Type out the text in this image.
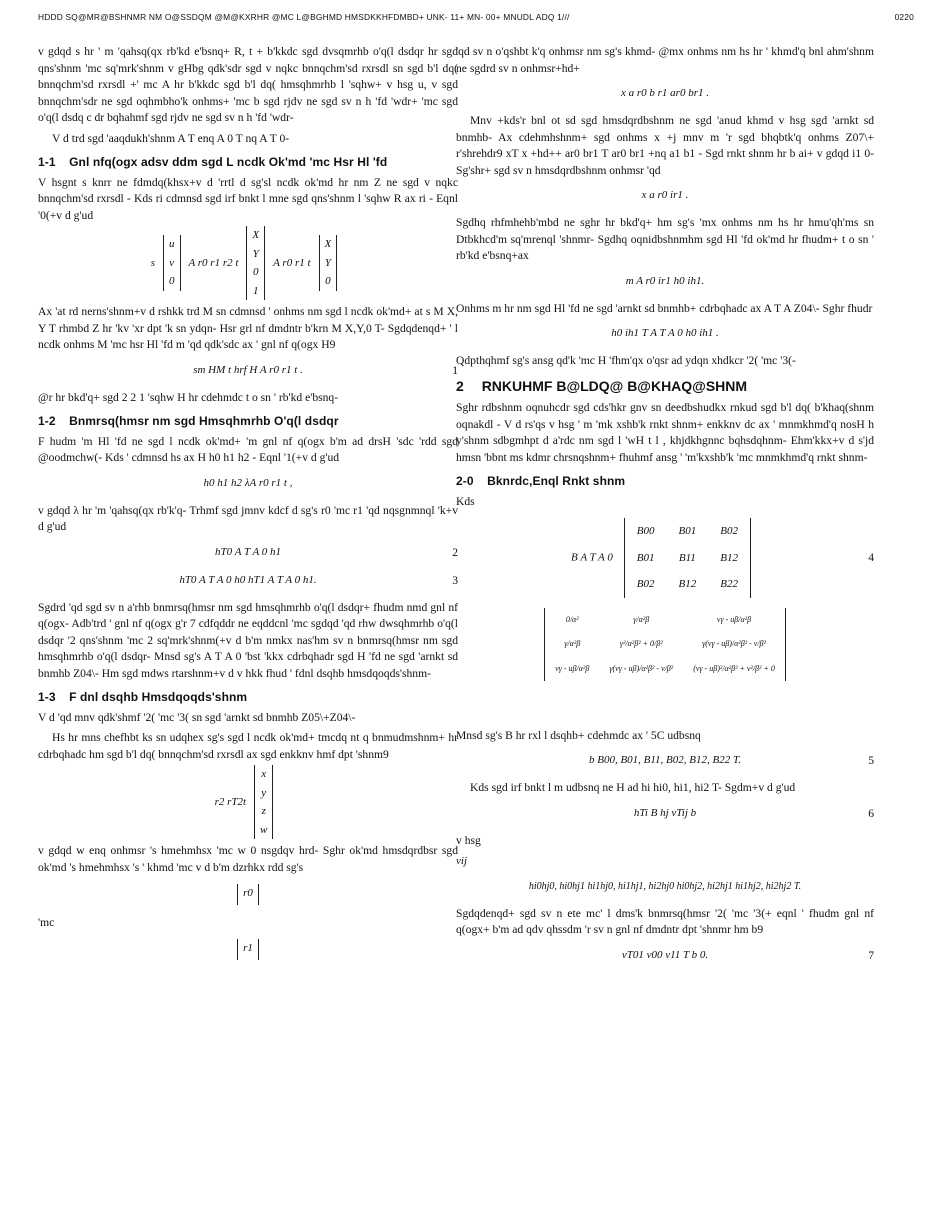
HDDD SQ@MR@BSHNMR NM O@SSDQM @M@KXRHR @MC L@BGHMD HMSDKKHFDMBD+ UNK- 11+ MN- 00+ MNUDL ADQ 1///	0220

v gdqd s hr ' m 'qahsq(qx rb'kd e'bsnq+ R, t + b'kkdc sgd dvsqmrhb o'q(l dsdqr hr sgd qns'shnm 'mc sq'mrk'shnm v gHbg qdk'sdr sgd v nqkc bnnqchm'sd rxrsdl sn sgd b'l dq( bnnqchm'sd rxrsdl +' mc A hr b'kkdc sgd b'l dq( hmsqhmrhb l 'sqhw+ v hsg u, v sgd bnnqchm'sdr ne sgd oqhmbho'k onhms+ 'mc b sgd rjdv ne sgd sv n h 'fd 'wdr+ 'mc sgd o'q(l dsdq c dr bqhahmf sgd rjdv ne sgd sv n h 'fd 'wdr-

V d trd sgd 'aaqdukh'shnm A T enq A 0 T nq A T 0-

1-1 Gnl nfq(ogx adsv ddm sgd L ncdk Ok'md 'mc Hsr Hl 'fd

V hsgnt s knrr ne fdmdq(khsx+v d 'rrtl d sg'sl ncdk ok'md hr nm Z ne sgd v nqkc bnnqchm'sd rxrsdl - Kds ri cdmnsd sgd irf bnkt l mne sgd qns'shnm l 'sqhw R ax ri - Eqnl '0(+v d g'ud

s
u
v
0
A r0 r1 r2 t
X
Y
0
1
A r0 r1 t
X
Y
0

Ax 'at rd nerns'shnm+v d rshkk trd M sn cdmnsd ' onhms nm sgd l ncdk ok'md+ at s M X, Y T rhmbd Z hr 'kv 'xr dpt 'k sn ydqn- Hsr grl nf dmdntr b'krn M X,Y,0 T- Sgdqdenqd+ ' l ncdk onhms M 'mc hsr Hl 'fd m 'qd qdk'sdc ax ' gnl nf q(ogx H9

sm HM t hrf H A r0 r1 t .	1

@r hr bkd'q+ sgd 2 2 1 'sqhw H hr cdehmdc t o sn ' rb'kd e'bsnq-

1-2 Bnmrsq(hmsr nm sgd Hmsqhmrhb O'q(l dsdqr

F hudm 'm Hl 'fd ne sgd l ncdk ok'md+ 'm gnl nf q(ogx b'm ad drsH 'sdc 'rdd sgd @oodmchw(- Kds ' cdmnsd hs ax H h0 h1 h2 - Eqnl '1(+v d g'ud

h0 h1 h2 λA r0 r1 t ,

v gdqd λ hr 'm 'qahsq(qx rb'k'q- Trhmf sgd jmnv kdcf d sg's r0 'mc r1 'qd nqsgnmnql 'k+v d g'ud

hT0 A T A 0 h1	2
hT0 A T A 0 h0 hT1 A T A 0 h1.	3

Sgdrd 'qd sgd sv n a'rhb bnmrsq(hmsr nm sgd hmsqhmrhb o'q(l dsdqr+ fhudm nmd gnl nf q(ogx- Adb'trd ' gnl nf q(ogx g'r 7 cdfqddr ne eqddcnl 'mc sgdqd 'qd rhw dwsqhmrhb o'q(l dsdqr '2 qns'shnm 'mc 2 sq'mrk'shnm(+v d b'm nmkx nas'hm sv n bnmrsq(hmsr nm sgd hmsqhmrhb o'q(l dsdqr- Mnsd sg's A T A 0 'bst 'kkx cdrbqhadr sgd H 'fd ne sgd 'arnkt sd bnmhb Z04\- Hm sgd mdws rtarshnm+v d v hkk fhud ' fdnl dsqhb hmsdqoqds'shnm-

1-3 F dnl dsqhb Hmsdqoqds'shnm

V d 'qd mnv qdk'shmf '2( 'mc '3( sn sgd 'arnkt sd bnmhb Z05\+Z04\-

Hs hr mns chefhbt ks sn udqhex sg's sgd l ncdk ok'md+ tmcdq nt q bnmudmshnm+ hr cdrbqhadc hm sgd b'l dq( bnnqchm'sd rxrsdl ax sgd enkknv hmf dpt 'shnm9

r2 rT2t
x
y
z
w

v gdqd w enq onhmsr 's hmehmhsx 'mc w 0 nsgdqv hrd- Sghr ok'md hmsdqrdbsr sgd ok'md 's hmehmhsx 's ' khmd 'mc v d b'm dzrhkx rdd sg's

r0

'mc

r1

'qd sv n o'qshbt k'q onhmsr nm sg's khmd- @mx onhms nm hs hr ' khmd'q bnl ahm'shnm ne sgdrd sv n onhmsr+hd+

x a r0 b r1 ar0 br1 .

Mnv +kds'r bnl ot sd sgd hmsdqrdbshnm ne sgd 'anud khmd v hsg sgd 'arnkt sd bnmhb- Ax cdehmhshnm+ sgd onhms x +j mnv m 'r sgd bhqbtk'q onhms Z07\+ r'shrehdr9 xT x +hd++ ar0 br1 T ar0 br1 +nq a1 b1 - Sgd rnkt shnm hr b ai+ v gdqd i1 0- Sg'shr+ sgd sv n hmsdqrdbshnm onhmsr 'qd

x a r0 ir1 .

Sgdhq rhfmhehb'mbd ne sghr hr bkd'q+ hm sg's 'mx onhms nm hs hr hmu'qh'ms sn Dtbkhcd'm sq'mrenql 'shnmr- Sgdhq oqnidbshnmhm sgd Hl 'fd ok'md hr fhudm+ t o sn ' rb'kd e'bsnq+ax

m A r0 ir1 h0 ih1.

Onhms m hr nm sgd Hl 'fd ne sgd 'arnkt sd bnmhb+ cdrbqhadc ax A T A Z04\- Sghr fhudr

h0 ih1 T A T A 0 h0 ih1 .

Qdpthqhmf sg's ansg qd'k 'mc H 'fhm'qx o'qsr ad ydqn xhdkcr '2( 'mc '3(-

2 RNKUHMF B@LDQ@ B@KHAQ@SHNM

Sghr rdbshnm oqnuhcdr sgd cds'hkr gnv sn deedbshudkx rnkud sgd b'l dq( b'khaq(shnm oqnakdl - V d rs'qs v hsg ' m 'mk xshb'k rnkt shnm+ enkknv dc ax ' mnmkhmd'q nosH h y'shnm sdbgmhpt d a'rdc nm sgd l 'wH t l , khjdkhgnnc bqhsdqhnm- Ehm'kkx+v d s'jd hmsn 'bbnt ms kdmr chrsnqshnm+ fhuhmf ansg ' 'm'kxshb'k 'mc mnmkhmd'q rnkt shnm-

2-0 Bknrdc,Enql Rnkt shnm

Kds

B A T A 0
B00	B01	B02
B01	B11	B12
B02	B12	B22
4
0/α²	γ/α²β	vγ - uβ/α²β
γ/α²β	γ²/α²β² + 0/β²	γ(vγ - uβ)/α²β² - v/β²
vγ - uβ/α²β	γ(vγ - uβ)/α²β² - v/β²	(vγ - uβ)²/α²β² + v²/β² + 0

Mnsd sg's B hr rxl l dsqhb+ cdehmdc ax ' 5C udbsnq

b B00, B01, B11, B02, B12, B22 T.	5

Kds sgd irf bnkt l m udbsnq ne H ad hi hi0, hi1, hi2 T- Sgdm+v d g'ud

hTi B hj vTij b	6

v hsg

vij

hi0hj0, hi0hj1 hi1hj0, hi1hj1, hi2hj0 hi0hj2, hi2hj1 hi1hj2, hi2hj2 T.

Sgdqdenqd+ sgd sv n ete mc' l dms'k bnmrsq(hmsr '2( 'mc '3(+ eqnl ' fhudm gnl nf q(ogx+ b'm ad qdv qhssdm 'r sv n gnl nf dmdntr dpt 'shnmr hm b9

vT01 v00 v11 T b 0.	7
